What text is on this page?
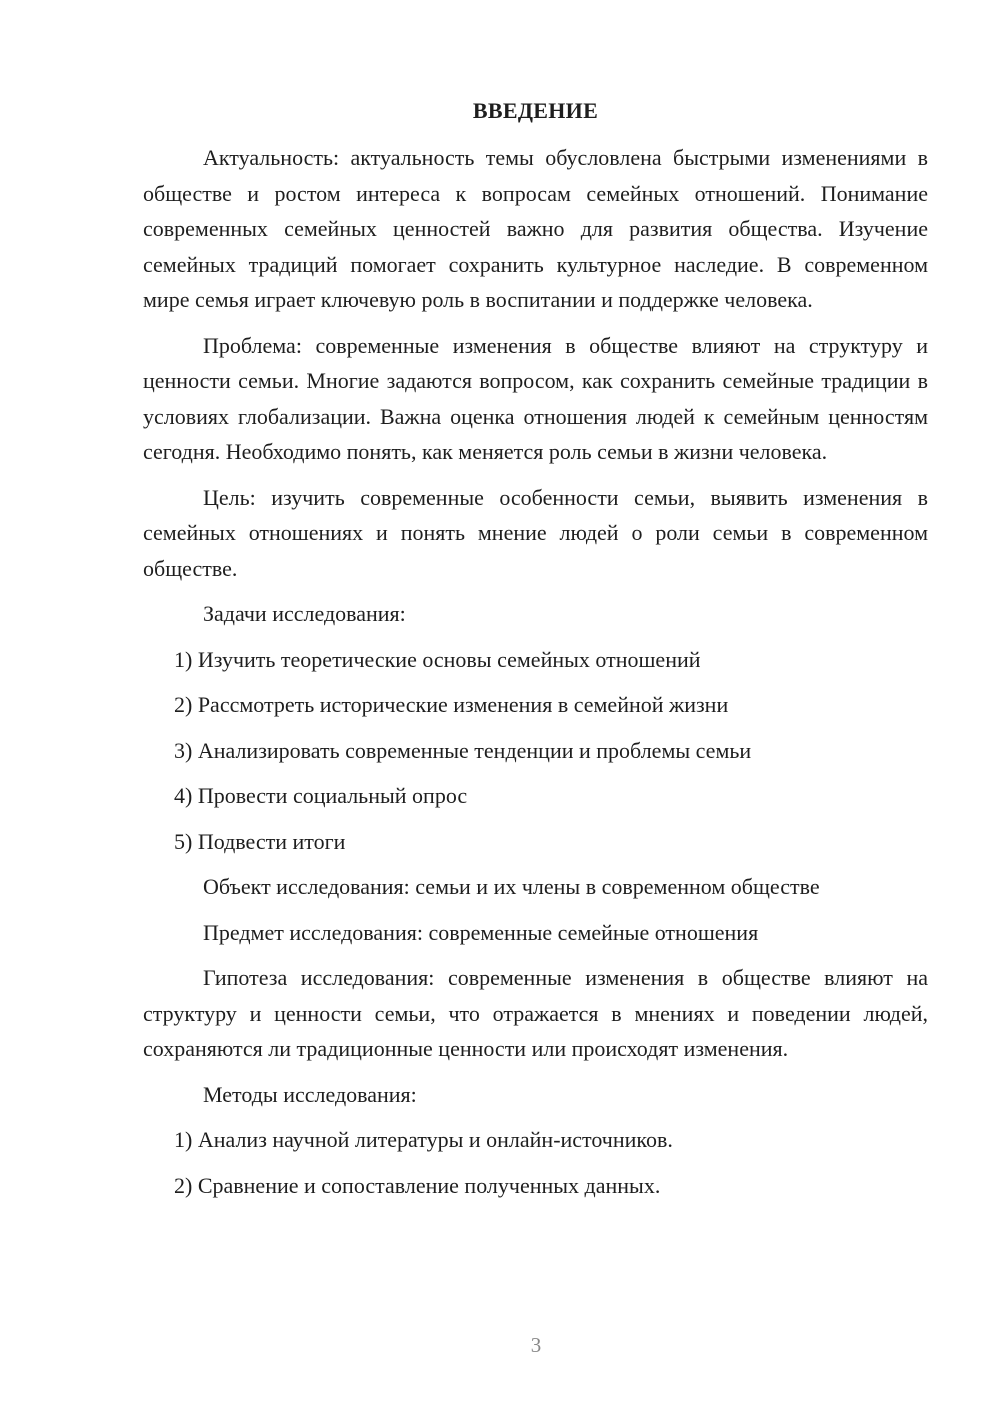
ВВЕДЕНИЕ

Актуальность: актуальность темы обусловлена быстрыми изменениями в обществе и ростом интереса к вопросам семейных отношений. Понимание современных семейных ценностей важно для развития общества. Изучение семейных традиций помогает сохранить культурное наследие. В современном мире семья играет ключевую роль в воспитании и поддержке человека.

Проблема: современные изменения в обществе влияют на структуру и ценности семьи. Многие задаются вопросом, как сохранить семейные традиции в условиях глобализации. Важна оценка отношения людей к семейным ценностям сегодня. Необходимо понять, как меняется роль семьи в жизни человека.

Цель: изучить современные особенности семьи, выявить изменения в семейных отношениях и понять мнение людей о роли семьи в современном обществе.

Задачи исследования:
1) Изучить теоретические основы семейных отношений
2) Рассмотреть исторические изменения в семейной жизни
3) Анализировать современные тенденции и проблемы семьи
4) Провести социальный опрос
5) Подвести итоги
Объект исследования: семьи и их члены в современном обществе
Предмет исследования: современные семейные отношения

Гипотеза исследования: современные изменения в обществе влияют на структуру и ценности семьи, что отражается в мнениях и поведении людей, сохраняются ли традиционные ценности или происходят изменения.

Методы исследования:
1) Анализ научной литературы и онлайн-источников.
2) Сравнение и сопоставление полученных данных.
3
